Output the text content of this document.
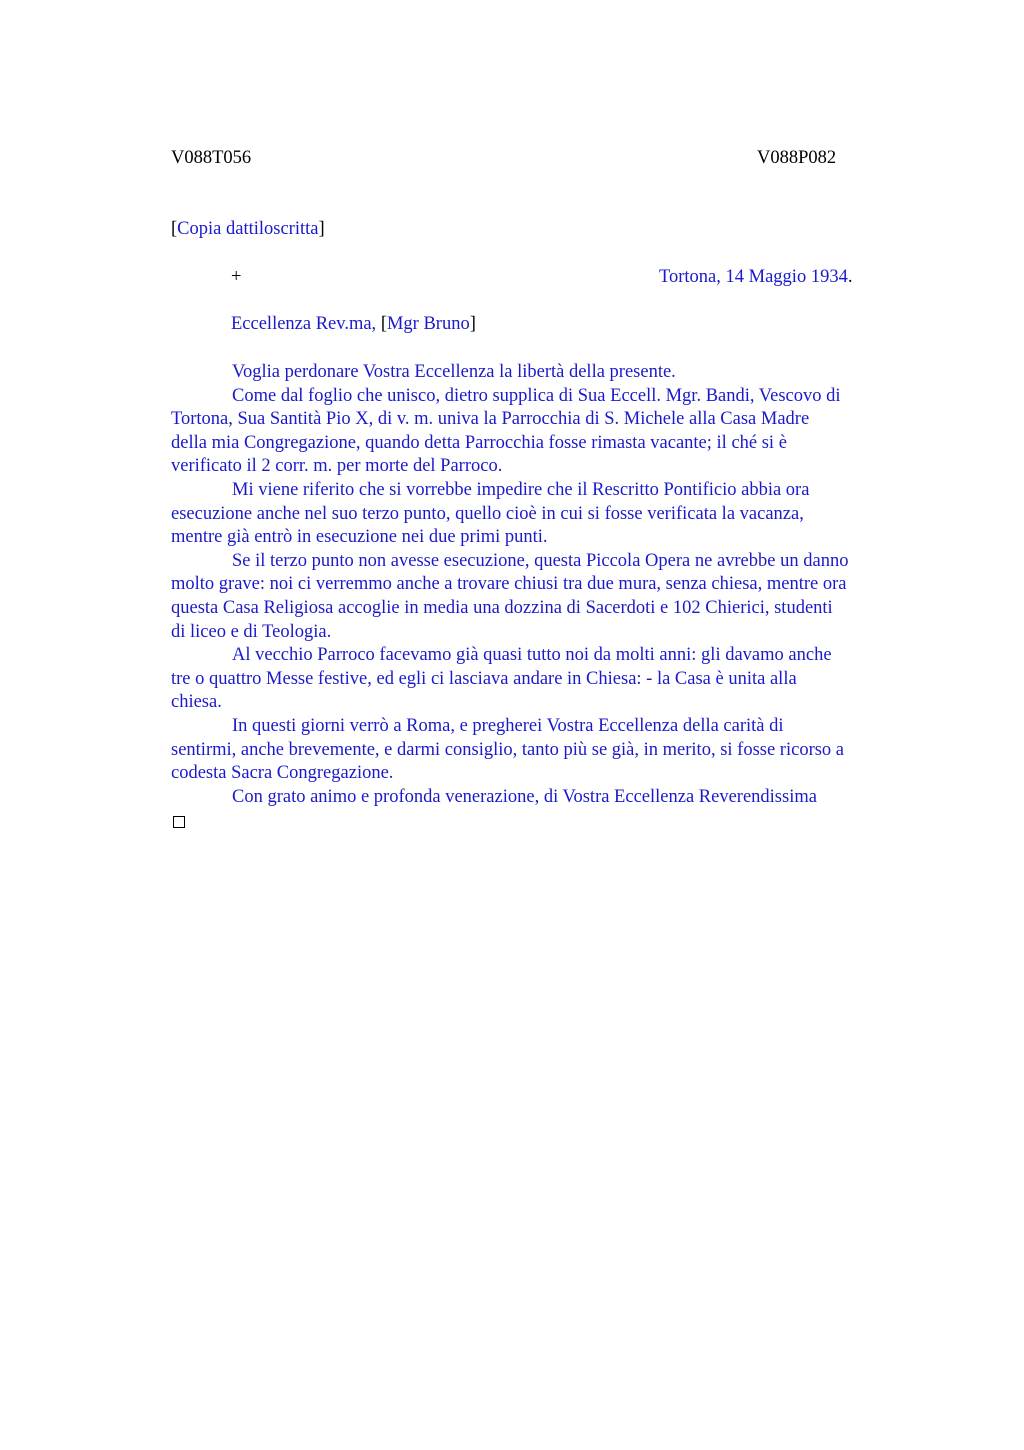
V088T056	V088P082
[Copia dattiloscritta]
+	Tortona, 14 Maggio 1934.
Eccellenza Rev.ma, [Mgr Bruno]

Voglia perdonare Vostra Eccellenza la libertà della presente.

Come dal foglio che unisco, dietro supplica di Sua Eccell. Mgr. Bandi, Vescovo di

Tortona, Sua Santità Pio X, di v. m. univa la Parrocchia di S. Michele alla Casa Madre

della mia Congregazione, quando detta Parrocchia fosse rimasta vacante; il ché si è

verificato il 2 corr. m. per morte del Parroco.

Mi viene riferito che si vorrebbe impedire che il Rescritto Pontificio abbia ora

esecuzione anche nel suo terzo punto, quello cioè in cui si fosse verificata la vacanza,

mentre già entrò in esecuzione nei due primi punti.

Se il terzo punto non avesse esecuzione, questa Piccola Opera ne avrebbe un danno

molto grave: noi ci verremmo anche a trovare chiusi tra due mura, senza chiesa, mentre ora

questa Casa Religiosa accoglie in media una dozzina di Sacerdoti e 102 Chierici, studenti

di liceo e di Teologia.

Al vecchio Parroco facevamo già quasi tutto noi da molti anni: gli davamo anche

tre o quattro Messe festive, ed egli ci lasciava andare in Chiesa: - la Casa è unita alla

chiesa.

In questi giorni verrò a Roma, e pregherei Vostra Eccellenza della carità di

sentirmi, anche brevemente, e darmi consiglio, tanto più se già, in merito, si fosse ricorso a

codesta Sacra Congregazione.

Con grato animo e profonda venerazione, di Vostra Eccellenza Reverendissima
